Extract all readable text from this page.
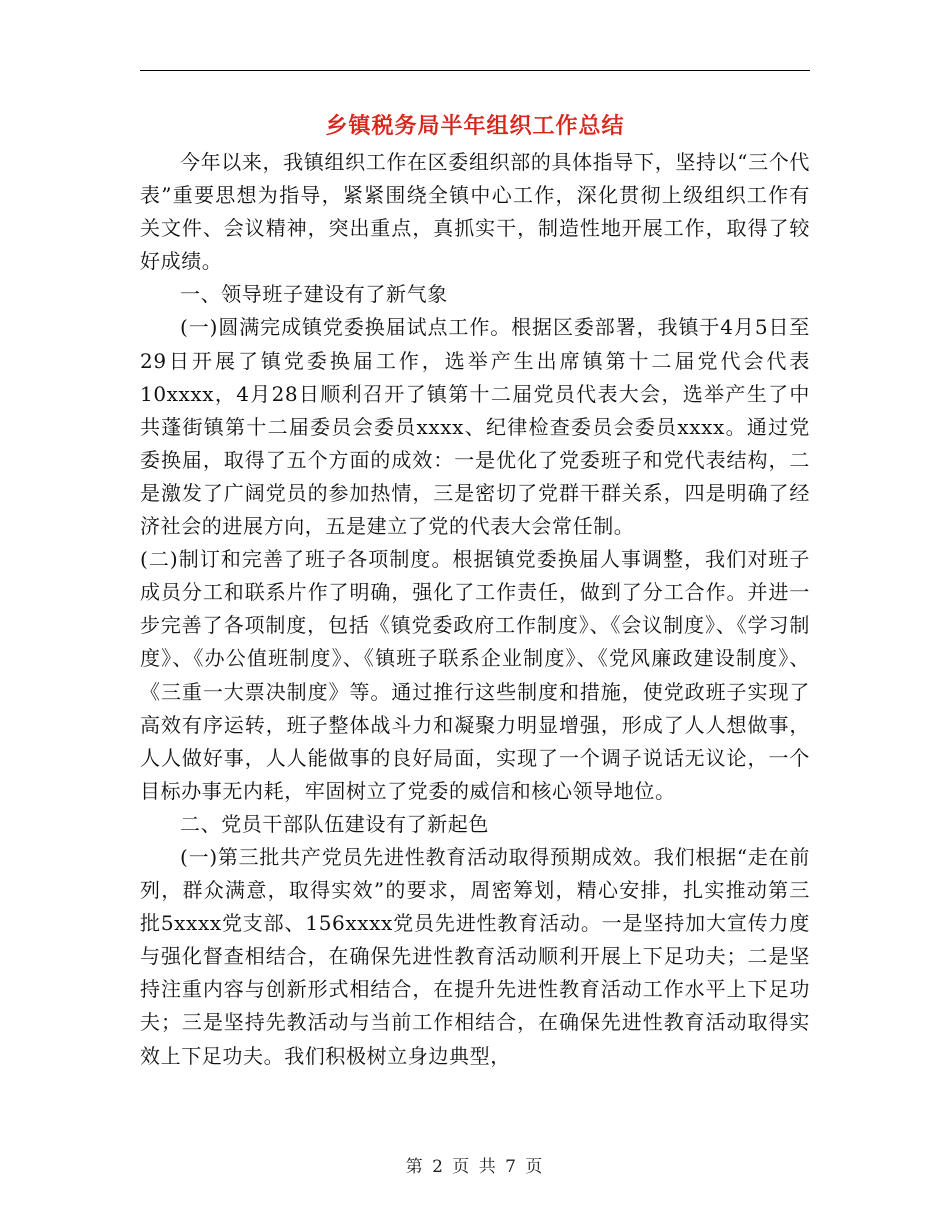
乡镇税务局半年组织工作总结

今年以来，我镇组织工作在区委组织部的具体指导下，坚持以“三个代表”重要思想为指导，紧紧围绕全镇中心工作，深化贯彻上级组织工作有关文件、会议精神，突出重点，真抓实干，制造性地开展工作，取得了较好成绩。

一、领导班子建设有了新气象

(一)圆满完成镇党委换届试点工作。根据区委部署，我镇于4月5日至29日开展了镇党委换届工作，选举产生出席镇第十二届党代会代表10xxxx，4月28日顺利召开了镇第十二届党员代表大会，选举产生了中共蓬街镇第十二届委员会委员xxxx、纪律检查委员会委员xxxx。通过党委换届，取得了五个方面的成效：一是优化了党委班子和党代表结构，二是激发了广阔党员的参加热情，三是密切了党群干群关系，四是明确了经济社会的进展方向，五是建立了党的代表大会常任制。

(二)制订和完善了班子各项制度。根据镇党委换届人事调整，我们对班子成员分工和联系片作了明确，强化了工作责任，做到了分工合作。并进一步完善了各项制度，包括《镇党委政府工作制度》、《会议制度》、《学习制度》、《办公值班制度》、《镇班子联系企业制度》、《党风廉政建设制度》、《三重一大票决制度》等。通过推行这些制度和措施，使党政班子实现了高效有序运转，班子整体战斗力和凝聚力明显增强，形成了人人想做事，人人做好事，人人能做事的良好局面，实现了一个调子说话无议论，一个目标办事无内耗，牢固树立了党委的威信和核心领导地位。

二、党员干部队伍建设有了新起色

(一)第三批共产党员先进性教育活动取得预期成效。我们根据“走在前列，群众满意，取得实效”的要求，周密筹划，精心安排，扎实推动第三批5xxxx党支部、156xxxx党员先进性教育活动。一是坚持加大宣传力度与强化督查相结合，在确保先进性教育活动顺利开展上下足功夫；二是坚持注重内容与创新形式相结合，在提升先进性教育活动工作水平上下足功夫；三是坚持先教活动与当前工作相结合，在确保先进性教育活动取得实效上下足功夫。我们积极树立身边典型，

第 2 页 共 7 页
